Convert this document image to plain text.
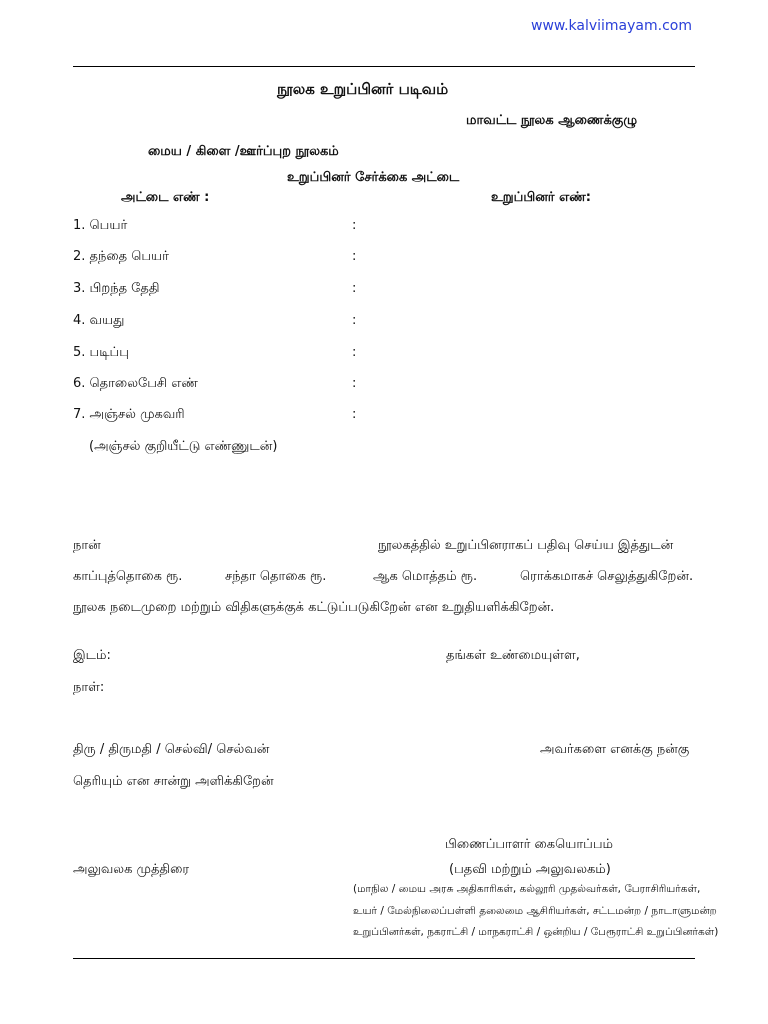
www.kalviimayam.com
நூலக உறுப்பினர் படிவம்
மாவட்ட நூலக ஆணைக்குழு
மைய / கிளை /ஊர்ப்புற நூலகம்
உறுப்பினர் சேர்க்கை அட்டை
அட்டை எண் :	உறுப்பினர் எண்:
1. பெயர்	:
2. தந்தை பெயர்	:
3. பிறந்த தேதி	:
4. வயது	:
5. படிப்பு	:
6. தொலைபேசி எண்	:
7. அஞ்சல் முகவரி	:
(அஞ்சல் குறியீட்டு எண்ணுடன்)
நான்	நூலகத்தில் உறுப்பினராகப் பதிவு செய்ய இத்துடன்
காப்புத்தொகை ரூ.	சந்தா தொகை ரூ.	ஆக மொத்தம் ரூ.	ரொக்கமாகச் செலுத்துகிறேன்.
நூலக நடைமுறை மற்றும் விதிகளுக்குக் கட்டுப்படுகிறேன் என உறுதியளிக்கிறேன்.
இடம்:	தங்கள் உண்மையுள்ள,
நாள்:
திரு / திருமதி / செல்வி/ செல்வன்	அவர்களை எனக்கு நன்கு
தெரியும் என சான்று அளிக்கிறேன்
பிணைப்பாளர் கையொப்பம்
அலுவலக முத்திரை	(பதவி மற்றும் அலுவலகம்)
(மாநில / மைய அரசு அதிகாரிகள், கல்லூரி முதல்வர்கள், பேராசிரியர்கள்,
உயர் / மேல்நிலைப்பள்ளி தலைமை ஆசிரியர்கள், சட்டமன்ற / நாடாளுமன்ற
உறுப்பினர்கள், நகராட்சி / மாநகராட்சி / ஒன்றிய / பேரூராட்சி உறுப்பினர்கள்)
